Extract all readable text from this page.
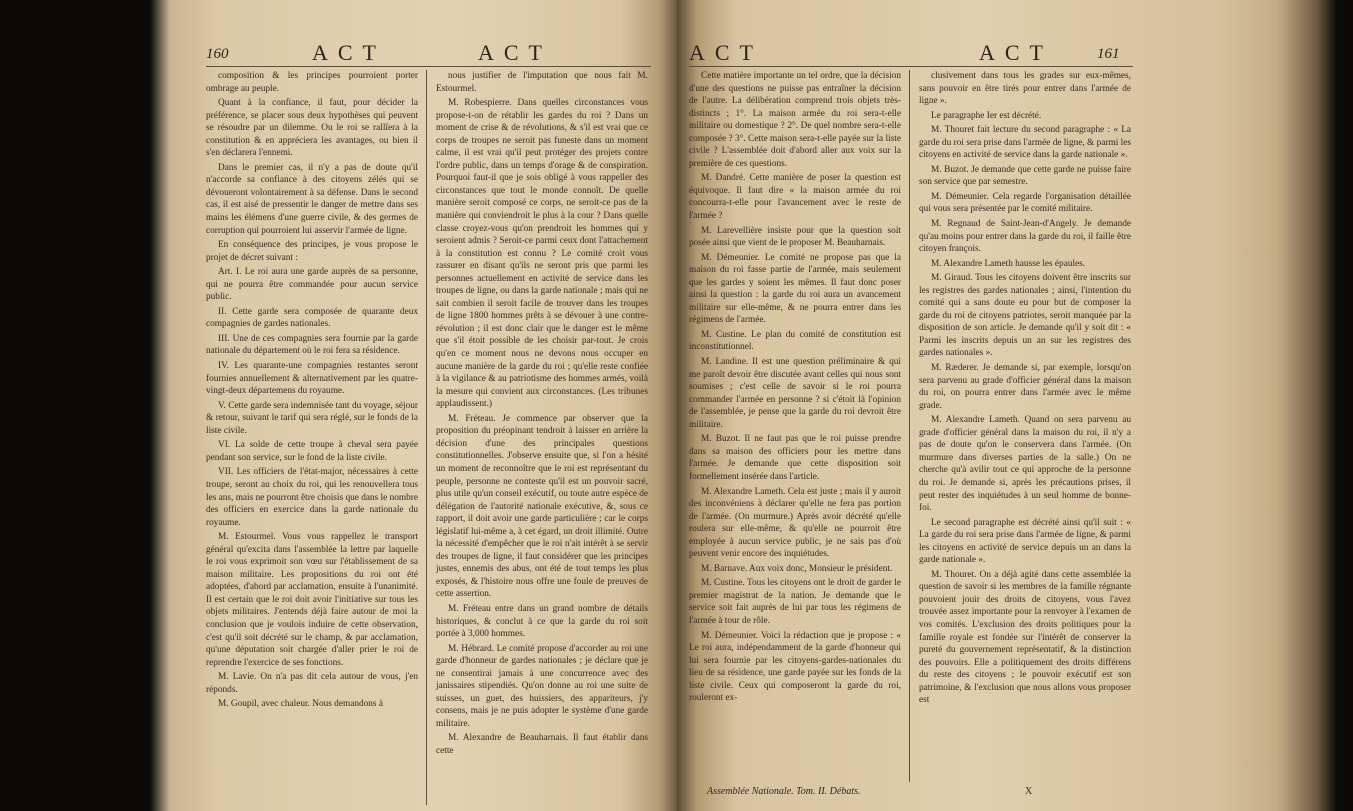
160	ACT	ACT

composition & les principes pourroient porter ombrage au peuple.

Quant à la confiance, il faut, pour décider la préférence, se placer sous deux hypothèses qui peuvent se résoudre par un dilemme. Ou le roi se rallîera à la constitution & en appréciera les avantages, ou bien il s'en déclarera l'ennemi.

Dans le premier cas, il n'y a pas de doute qu'il n'accorde sa confiance à des citoyens zélés qui se dévoueront volontairement à sa défense. Dans le second cas, il est aisé de pressentir le danger de mettre dans ses mains les élémens d'une guerre civile, & des germes de corruption qui pourroient lui asservir l'armée de ligne.

En conséquence des principes, je vous propose le projet de décret suivant :

Art. I. Le roi aura une garde auprès de sa personne, qui ne pourra être commandée pour aucun service public.

II. Cette garde sera composée de quarante deux compagnies de gardes nationales.

III. Une de ces compagnies sera fournie par la garde nationale du département où le roi fera sa résidence.

IV. Les quarante-une compagnies restantes seront fournies annuellement & alternativement par les quatre-vingt-deux départemens du royaume.

V. Cette garde sera indemnisée tant du voyage, séjour & retour, suivant le tarif qui sera réglé, sur le fonds de la liste civile.

VI. La solde de cette troupe à cheval sera payée pendant son service, sur le fond de la liste civile.

VII. Les officiers de l'état-major, nécessaires à cette troupe, seront au choix du roi, qui les renouvellera tous les ans, mais ne pourront être choisis que dans le nombre des officiers en exercice dans la garde nationale du royaume.

M. Estourmel. Vous vous rappellez le transport général qu'excita dans l'assemblée la lettre par laquelle le roi vous exprimoit son vœu sur l'établissement de sa maison militaire. Les propositions du roi ont été adoptées, d'abord par acclamation, ensuite à l'unanimité. Il est certain que le roi doit avoir l'initiative sur tous les objets militaires. J'entends déjà faire autour de moi la conclusion que je voulois induire de cette observation, c'est qu'il soit décrété sur le champ, & par acclamation, qu'une députation soit chargée d'aller prier le roi de reprendre l'exercice de ses fonctions.

M. Lavie. On n'a pas dit cela autour de vous, j'en réponds.

M. Goupil, avec chaleur. Nous demandons à

nous justifier de l'imputation que nous fait M. Estourmel.

M. Robespierre. Dans quelles circonstances vous propose-t-on de rétablir les gardes du roi ? Dans un moment de crise & de révolutions, & s'il est vrai que ce corps de troupes ne seroit pas funeste dans un moment calme, il est vrai qu'il peut protéger des projets contre l'ordre public, dans un temps d'orage & de conspiration. Pourquoi faut-il que je sois obligé à vous rappeller des circonstances que tout le monde connoît. De quelle manière seroit composé ce corps, ne seroit-ce pas de la manière qui conviendroit le plus à la cour ? Dans quelle classe croyez-vous qu'on prendroit les hommes qui y seroient admis ? Seroit-ce parmi ceux dont l'attachement à la constitution est connu ? Le comité croit vous rassurer en disant qu'ils ne seront pris que parmi les personnes actuellement en activité de service dans les troupes de ligne, ou dans la garde nationale ; mais qui ne sait combien il seroit facile de trouver dans les troupes de ligne 1800 hommes prêts à se dévouer à une contre-révolution ; il est donc clair que le danger est le même que s'il étoit possible de les choisir par-tout. Je crois qu'en ce moment nous ne devons nous occuper en aucune manière de la garde du roi ; qu'elle reste confiée à la vigilance & au patriotisme des hommes armés, voilà la mesure qui convient aux circonstances. (Les tribunes applaudissent.)

M. Fréteau. Je commence par observer que la proposition du préopinant tendroit à laisser en arrière la décision d'une des principales questions constitutionnelles. J'observe ensuite que, si l'on a hésité un moment de reconnoître que le roi est représentant du peuple, personne ne conteste qu'il est un pouvoir sacré, plus utile qu'un conseil exécutif, ou toute autre espèce de délégation de l'autorité nationale exécutive, &, sous ce rapport, il doit avoir une garde particulière ; car le corps législatif lui-même a, à cet égard, un droit illimité. Outre la nécessité d'empêcher que le roi n'ait intérêt à se servir des troupes de ligne, il faut considérer que les principes justes, ennemis des abus, ont été de tout temps les plus exposés, & l'histoire nous offre une foule de preuves de cette assertion.

M. Fréteau entre dans un grand nombre de détails historiques, & conclut à ce que la garde du roi soit portée à 3,000 hommes.

M. Hébrard. Le comité propose d'accorder au roi une garde d'honneur de gardes nationales ; je déclare que je ne consentirai jamais à une concurrence avec des janissaires stipendiés. Qu'on donne au roi une suite de suisses, un guet, des huissiers, des appariteurs, j'y consens, mais je ne puis adopter le système d'une garde militaire.

M. Alexandre de Beauharnais. Il faut établir dans cette

ACT	ACT	161

Cette matière importante un tel ordre, que la décision d'une des questions ne puisse pas entraîner la décision de l'autre. La délibération comprend trois objets très-distincts ; 1°. La maison armée du roi sera-t-elle militaire ou domestique ? 2°. De quel nombre sera-t-elle composée ? 3°. Cette maison sera-t-elle payée sur la liste civile ? L'assemblée doit d'abord aller aux voix sur la première de ces questions.

M. Dandré. Cette manière de poser la question est équivoque. Il faut dire « la maison armée du roi concourra-t-elle pour l'avancement avec le reste de l'armée ?

M. Larevellière insiste pour que la question soit posée ainsi que vient de le proposer M. Beauharnais.

M. Démeunier. Le comité ne propose pas que la maison du roi fasse partie de l'armée, mais seulement que les gardes y soient les mêmes. Il faut donc poser ainsi la question : la garde du roi aura un avancement militaire sur elle-même, & ne pourra entrer dans les régimens de l'armée.

M. Custine. Le plan du comité de constitution est inconstitutionnel.

M. Landine. Il est une question préliminaire & qui me paroît devoir être discutée avant celles qui nous sont soumises ; c'est celle de savoir si le roi pourra commander l'armée en personne ? si c'étoit là l'opinion de l'assemblée, je pense que la garde du roi devroit être militaire.

M. Buzot. Il ne faut pas que le roi puisse prendre dans sa maison des officiers pour les mettre dans l'armée. Je demande que cette disposition soit formellement insérée dans l'article.

M. Alexandre Lameth. Cela est juste ; mais il y auroit des inconvéniens à déclarer qu'elle ne fera pas portion de l'armée. (On murmure.) Après avoir décrété qu'elle roulera sur elle-même, & qu'elle ne pourroit être employée à aucun service public, je ne sais pas d'où peuvent venir encore des inquiétudes.

M. Barnave. Aux voix donc, Monsieur le président.

M. Custine. Tous les citoyens ont le droit de garder le premier magistrat de la nation. Je demande que le service soit fait auprès de lui par tous les régimens de l'armée à tour de rôle.

M. Démeunier. Voici la rédaction que je propose : « Le roi aura, indépendamment de la garde d'honneur qui lui sera fournie par les citoyens-gardes-nationales du lieu de sa résidence, une garde payée sur les fonds de la liste civile. Ceux qui composeront la garde du roi, rouleront ex-

clusivement dans tous les grades sur eux-mêmes, sans pouvoir en être tirés pour entrer dans l'armée de ligne ».

Le paragraphe Ier est décrété.

M. Thouret fait lecture du second paragraphe : « La garde du roi sera prise dans l'armée de ligne, & parmi les citoyens en activité de service dans la garde nationale ».

M. Buzot. Je demande que cette garde ne puisse faire son service que par semestre.

M. Démeunier. Cela regarde l'organisation détaillée qui vous sera présentée par le comité militaire.

M. Regnaud de Saint-Jean-d'Angely. Je demande qu'au moins pour entrer dans la garde du roi, il faille être citoyen françois.

M. Alexandre Lameth hausse les épaules.

M. Giraud. Tous les citoyens doivent être inscrits sur les registres des gardes nationales ; ainsi, l'intention du comité qui a sans doute eu pour but de composer la garde du roi de citoyens patriotes, seroit manquée par la disposition de son article. Je demande qu'il y soit dit : « Parmi les inscrits depuis un an sur les registres des gardes nationales ».

M. Ræderer. Je demande si, par exemple, lorsqu'on sera parvenu au grade d'officier général dans la maison du roi, on pourra entrer dans l'armée avec le même grade.

M. Alexandre Lameth. Quand on sera parvenu au grade d'officier général dans la maison du roi, il n'y a pas de doute qu'on le conservera dans l'armée. (On murmure dans diverses parties de la salle.) On ne cherche qu'à avilir tout ce qui approche de la personne du roi. Je demande si, après les précautions prises, il peut rester des inquiétudes à un seul homme de bonne-foi.

Le second paragraphe est décrété ainsi qu'il suit : « La garde du roi sera prise dans l'armée de ligne, & parmi les citoyens en activité de service depuis un an dans la garde nationale ».

M. Thouret. On a déjà agité dans cette assemblée la question de savoir si les membres de la famille régnante pouvoient jouir des droits de citoyens, vous l'avez trouvée assez importante pour la renvoyer à l'examen de vos comités. L'exclusion des droits politiques pour la famille royale est fondée sur l'intérêt de conserver la pureté du gouvernement représentatif, & la distinction des pouvoirs. Elle a politiquement des droits différens du reste des citoyens ; le pouvoir exécutif est son patrimoine, & l'exclusion que nous allons vous proposer est

Assemblée Nationale. Tom. II. Débats.	X
